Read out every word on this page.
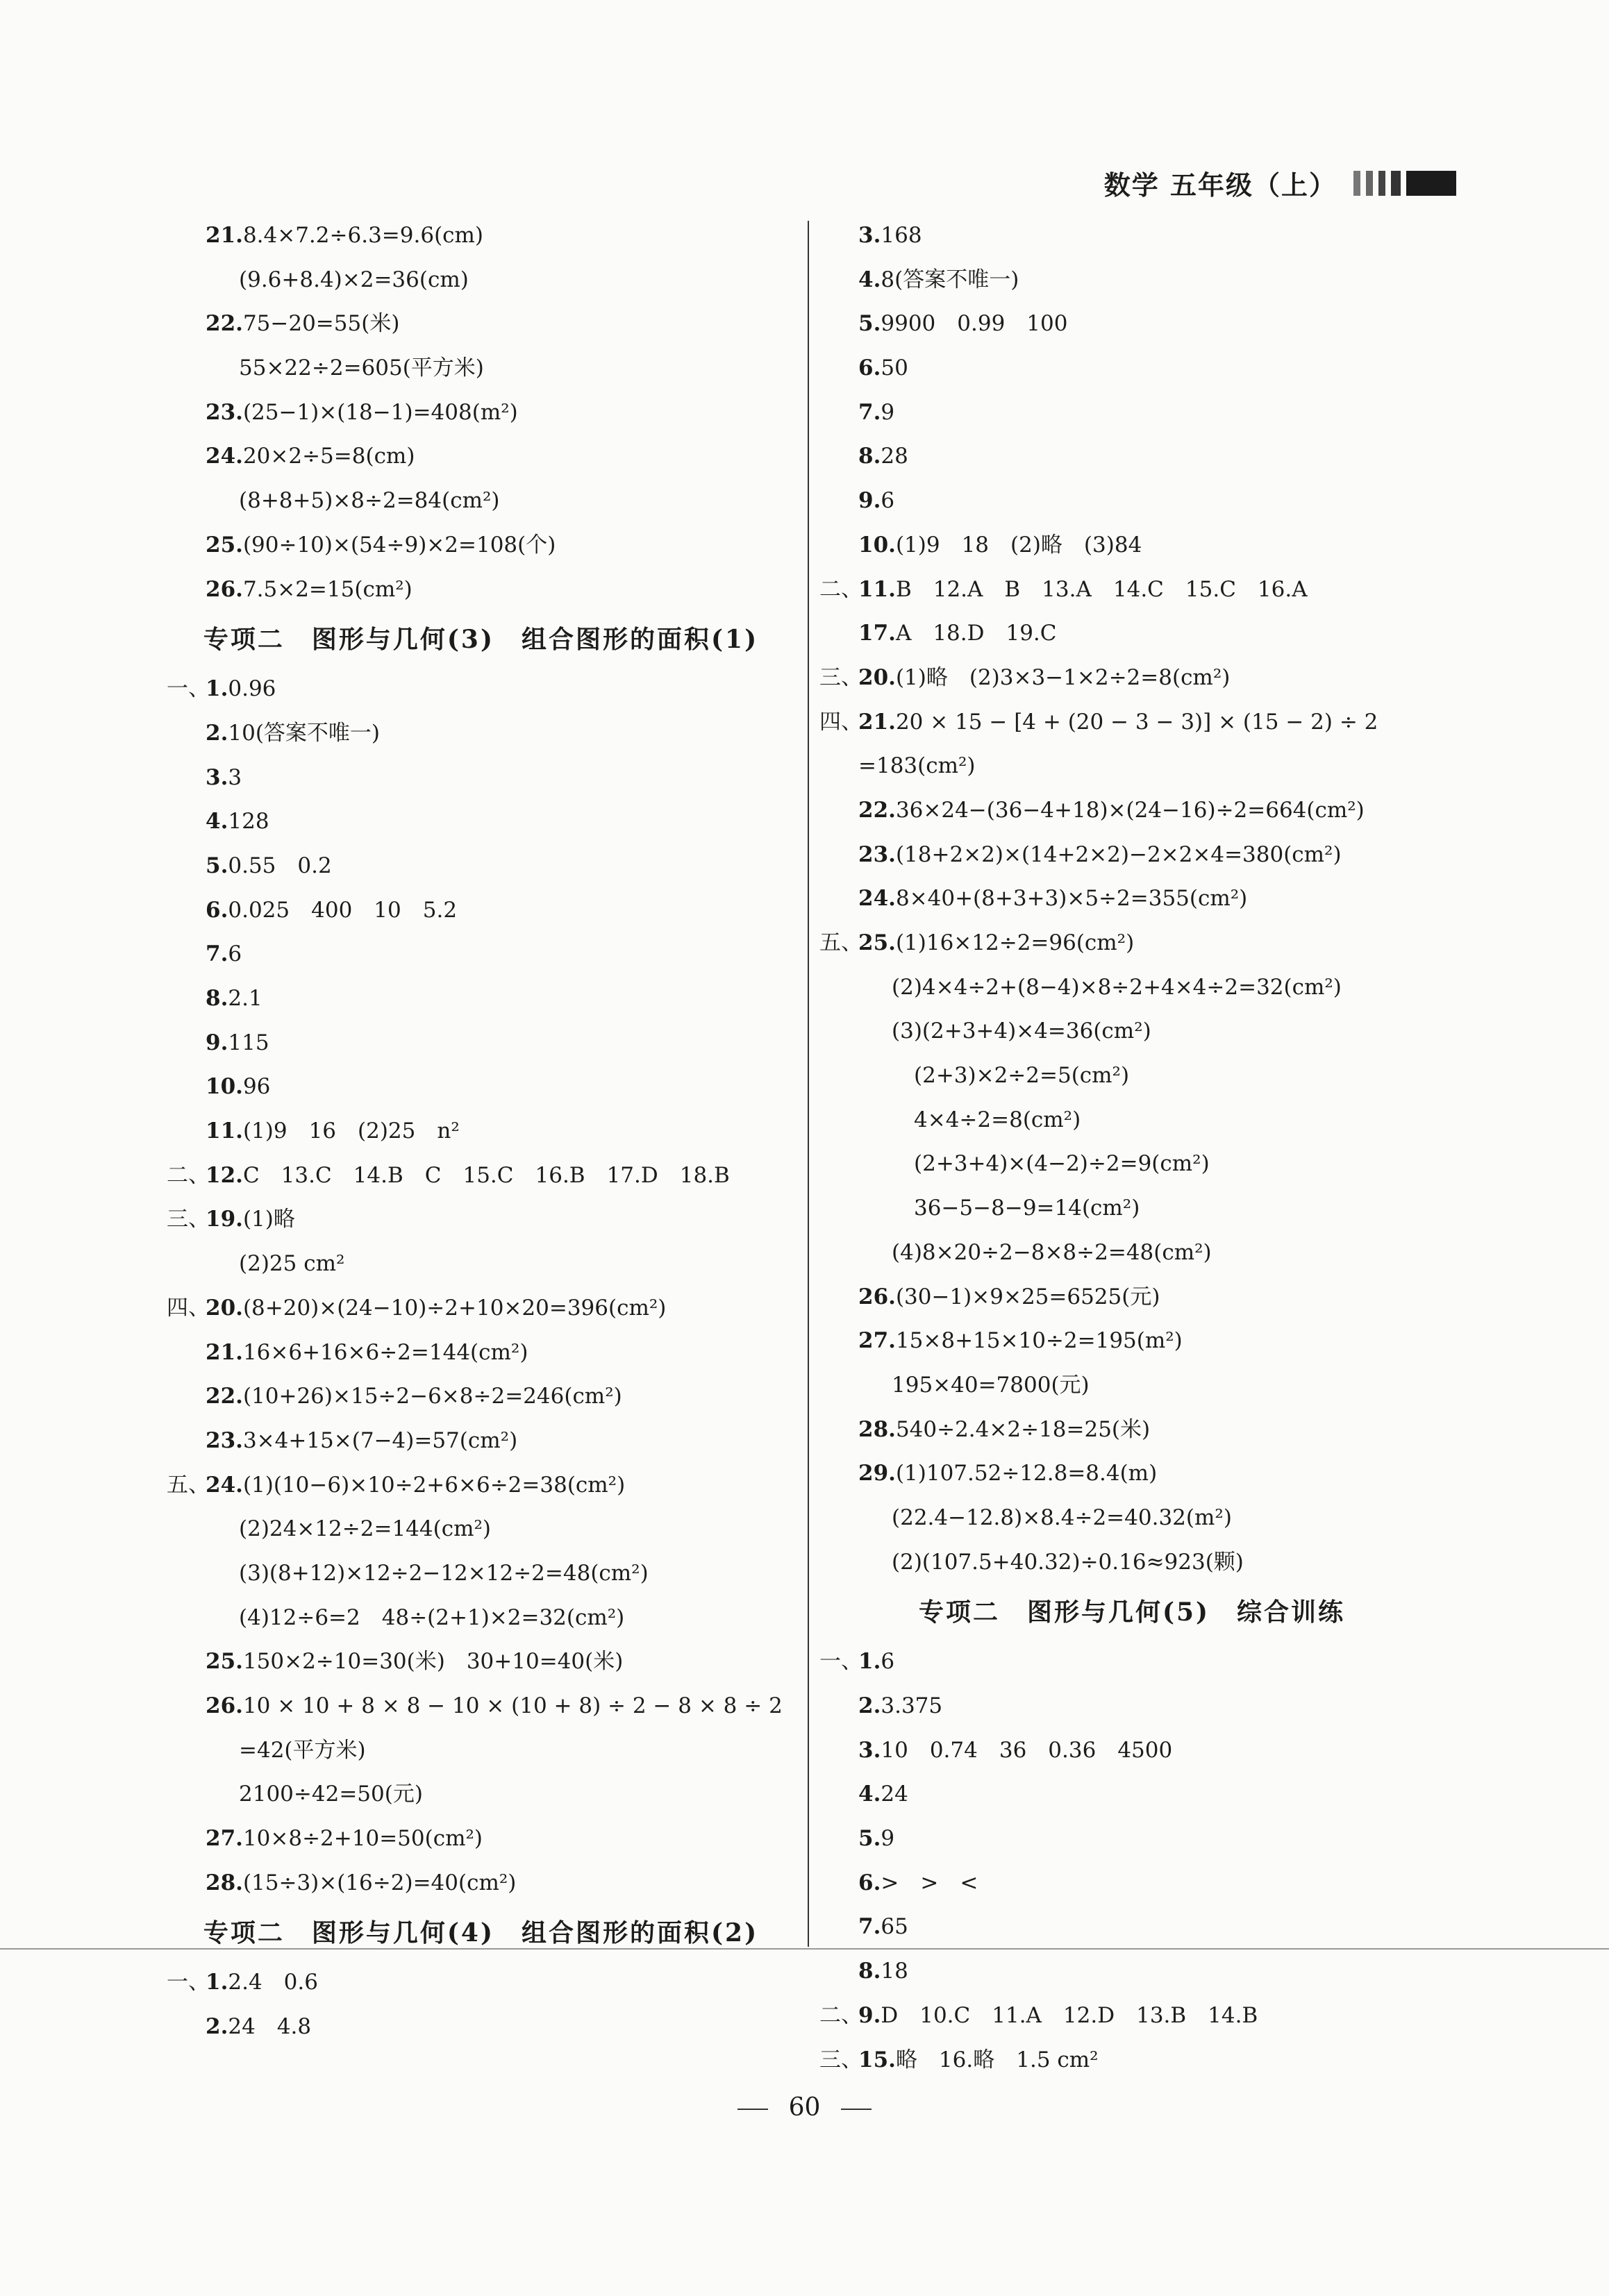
数学 五年级（上）
21.8.4×7.2÷6.3=9.6(cm)
(9.6+8.4)×2=36(cm)
22.75−20=55(米)
55×22÷2=605(平方米)
23.(25−1)×(18−1)=408(m²)
24.20×2÷5=8(cm)
(8+8+5)×8÷2=84(cm²)
25.(90÷10)×(54÷9)×2=108(个)
26.7.5×2=15(cm²)
专项二　图形与几何(3)　组合图形的面积(1)
一、1.0.96
2.10(答案不唯一)
3.3
4.128
5.0.55　0.2
6.0.025　400　10　5.2
7.6
8.2.1
9.115
10.96
11.(1)9　16　(2)25　n²
二、12.C　13.C　14.B　C　15.C　16.B　17.D　18.B
三、19.(1)略
(2)25 cm²
四、20.(8+20)×(24−10)÷2+10×20=396(cm²)
21.16×6+16×6÷2=144(cm²)
22.(10+26)×15÷2−6×8÷2=246(cm²)
23.3×4+15×(7−4)=57(cm²)
五、24.(1)(10−6)×10÷2+6×6÷2=38(cm²)
(2)24×12÷2=144(cm²)
(3)(8+12)×12÷2−12×12÷2=48(cm²)
(4)12÷6=2　48÷(2+1)×2=32(cm²)
25.150×2÷10=30(米)　30+10=40(米)
26.10 × 10 + 8 × 8 − 10 × (10 + 8) ÷ 2 − 8 × 8 ÷ 2
=42(平方米)
2100÷42=50(元)
27.10×8÷2+10=50(cm²)
28.(15÷3)×(16÷2)=40(cm²)
专项二　图形与几何(4)　组合图形的面积(2)
一、1.2.4　0.6
2.24　4.8
3.168
4.8(答案不唯一)
5.9900　0.99　100
6.50
7.9
8.28
9.6
10.(1)9　18　(2)略　(3)84
二、11.B　12.A　B　13.A　14.C　15.C　16.A
17.A　18.D　19.C
三、20.(1)略　(2)3×3−1×2÷2=8(cm²)
四、21.20 × 15 − [4 + (20 − 3 − 3)] × (15 − 2) ÷ 2
=183(cm²)
22.36×24−(36−4+18)×(24−16)÷2=664(cm²)
23.(18+2×2)×(14+2×2)−2×2×4=380(cm²)
24.8×40+(8+3+3)×5÷2=355(cm²)
五、25.(1)16×12÷2=96(cm²)
(2)4×4÷2+(8−4)×8÷2+4×4÷2=32(cm²)
(3)(2+3+4)×4=36(cm²)
(2+3)×2÷2=5(cm²)
4×4÷2=8(cm²)
(2+3+4)×(4−2)÷2=9(cm²)
36−5−8−9=14(cm²)
(4)8×20÷2−8×8÷2=48(cm²)
26.(30−1)×9×25=6525(元)
27.15×8+15×10÷2=195(m²)
195×40=7800(元)
28.540÷2.4×2÷18=25(米)
29.(1)107.52÷12.8=8.4(m)
(22.4−12.8)×8.4÷2=40.32(m²)
(2)(107.5+40.32)÷0.16≈923(颗)
专项二　图形与几何(5)　综合训练
一、1.6
2.3.375
3.10　0.74　36　0.36　4500
4.24
5.9
6.>　>　<
7.65
8.18
二、9.D　10.C　11.A　12.D　13.B　14.B
三、15.略　16.略　1.5 cm²
60
